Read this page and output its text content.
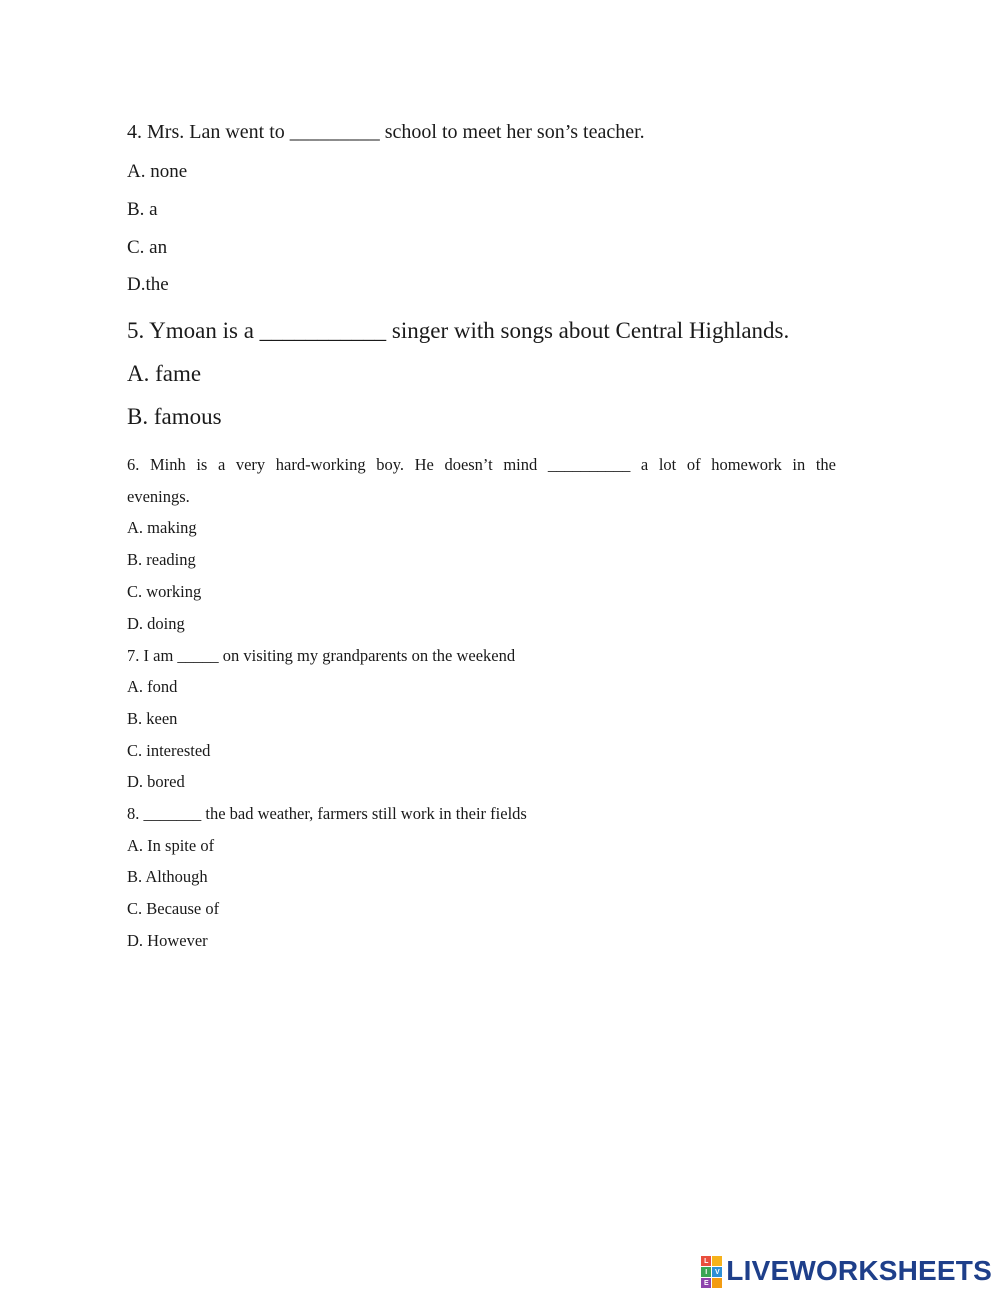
4. Mrs. Lan went to _________ school to meet her son’s teacher.
A. none
B. a
C. an
D.the
5. Ymoan is a ___________ singer with songs about Central Highlands.
A. fame
B. famous
6. Minh is a very hard-working boy. He doesn’t mind __________ a lot of homework in the
evenings.
A. making
B. reading
C. working
D. doing
7. I am _____ on visiting my grandparents on the weekend
A. fond
B. keen
C. interested
D. bored
8. _______ the bad weather, farmers still work in their fields
A. In spite of
B. Although
C. Because of
D. However
L
I	V
E LIVEWORKSHEETS
